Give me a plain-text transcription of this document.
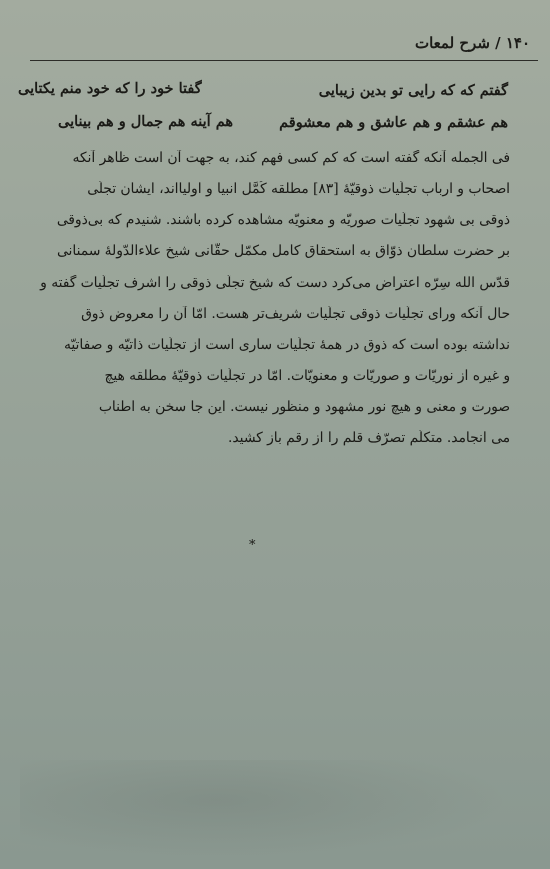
۱۴۰ / شرح لمعات
گفتم که که رایی تو بدین زیبایی
گفتا خود را که خود منم یکتایی
هم عشقم و هم عاشق و هم معشوقم
هم آینه هم جمال و هم بینایی
فی الجمله آنکه گفته است که کم کسی فهم کند، به جهت آن است ظاهر آنکه
اصحاب و ارباب تجلّیات ذوقیّهٔ [۸۳] مطلقه کُمَّل انبیا و اولیااند، ایشان تجلّی
ذوقی بی شهود تجلّیات صوریّه و معنویّه مشاهده کرده باشند. شنیدم که بی‌ذوقی
بر حضرت سلطان ذوّاق به استحقاق کامل مکمّل حقّانی شیخ علاءالدّولهٔ سمنانی
قدّس الله سِرّه اعتراض می‌کرد دست که شیخ تجلّی ذوقی را اشرف تجلّیات گفته و
حال آنکه ورای تجلّیات ذوقی تجلّیات شریف‌تر هست. امّا آن را معروض ذوق
نداشته بوده است که ذوق در همهٔ تجلّیات ساری است از تجلّیات ذاتیّه و صفاتیّه
و غیره از نوریّات و صوریّات و معنویّات. امّا در تجلّیات ذوقیّهٔ مطلقه هیچ
صورت و معنی و هیچ نور مشهود و منظور نیست. این جا سخن به اطناب
می انجامد. متکلّم تصرّف قلم را از رقم باز کشید.
*
